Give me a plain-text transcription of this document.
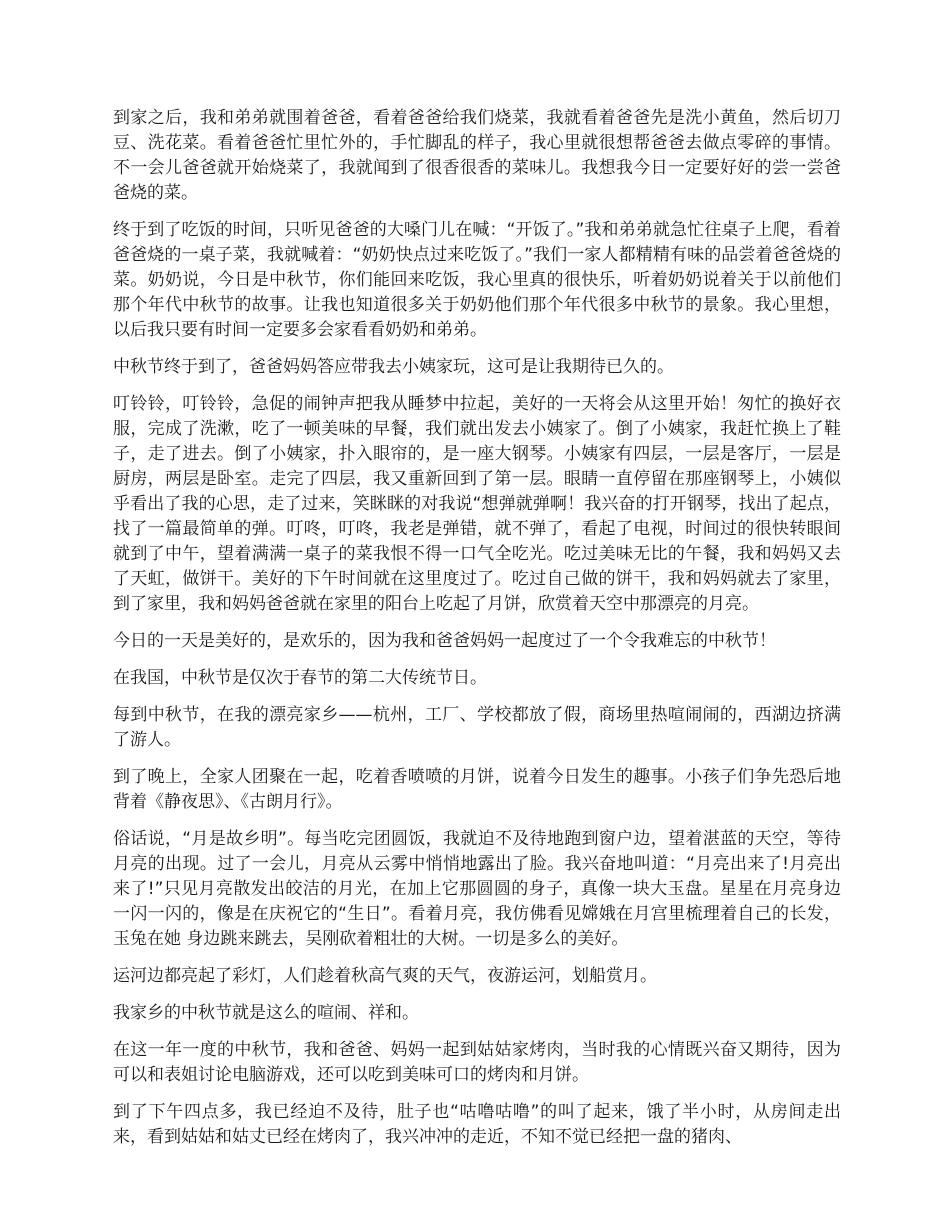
到家之后，我和弟弟就围着爸爸，看着爸爸给我们烧菜，我就看着爸爸先是洗小黄鱼，然后切刀豆、洗花菜。看着爸爸忙里忙外的，手忙脚乱的样子，我心里就很想帮爸爸去做点零碎的事情。不一会儿爸爸就开始烧菜了，我就闻到了很香很香的菜味儿。我想我今日一定要好好的尝一尝爸爸烧的菜。

终于到了吃饭的时间，只听见爸爸的大嗓门儿在喊：“开饭了。”我和弟弟就急忙往桌子上爬，看着爸爸烧的一桌子菜，我就喊着：“奶奶快点过来吃饭了。”我们一家人都精精有味的品尝着爸爸烧的菜。奶奶说，今日是中秋节，你们能回来吃饭，我心里真的很快乐，听着奶奶说着关于以前他们那个年代中秋节的故事。让我也知道很多关于奶奶他们那个年代很多中秋节的景象。我心里想，以后我只要有时间一定要多会家看看奶奶和弟弟。

中秋节终于到了，爸爸妈妈答应带我去小姨家玩，这可是让我期待已久的。

叮铃铃，叮铃铃，急促的闹钟声把我从睡梦中拉起，美好的一天将会从这里开始！匆忙的换好衣服，完成了洗漱，吃了一顿美味的早餐，我们就出发去小姨家了。倒了小姨家，我赶忙换上了鞋子，走了进去。倒了小姨家，扑入眼帘的，是一座大钢琴。小姨家有四层，一层是客厅，一层是厨房，两层是卧室。走完了四层，我又重新回到了第一层。眼睛一直停留在那座钢琴上，小姨似乎看出了我的心思，走了过来，笑眯眯的对我说“想弹就弹啊！我兴奋的打开钢琴，找出了起点，找了一篇最简单的弹。叮咚，叮咚，我老是弹错，就不弹了，看起了电视，时间过的很快转眼间就到了中午，望着满满一桌子的菜我恨不得一口气全吃光。吃过美味无比的午餐，我和妈妈又去了天虹，做饼干。美好的下午时间就在这里度过了。吃过自己做的饼干，我和妈妈就去了家里，到了家里，我和妈妈爸爸就在家里的阳台上吃起了月饼，欣赏着天空中那漂亮的月亮。

今日的一天是美好的，是欢乐的，因为我和爸爸妈妈一起度过了一个令我难忘的中秋节！

在我国，中秋节是仅次于春节的第二大传统节日。

每到中秋节，在我的漂亮家乡——杭州，工厂、学校都放了假，商场里热喧闹闹的，西湖边挤满了游人。

到了晚上，全家人团聚在一起，吃着香喷喷的月饼，说着今日发生的趣事。小孩子们争先恐后地背着《静夜思》、《古朗月行》。

俗话说，“月是故乡明”。每当吃完团圆饭，我就迫不及待地跑到窗户边，望着湛蓝的天空，等待月亮的出现。过了一会儿，月亮从云雾中悄悄地露出了脸。我兴奋地叫道：“月亮出来了!月亮出来了!”只见月亮散发出皎洁的月光，在加上它那圆圆的身子，真像一块大玉盘。星星在月亮身边一闪一闪的，像是在庆祝它的“生日”。看着月亮，我仿佛看见嫦娥在月宫里梳理着自己的长发，玉兔在她 身边跳来跳去，吴刚砍着粗壮的大树。一切是多么的美好。

运河边都亮起了彩灯，人们趁着秋高气爽的天气，夜游运河，划船赏月。

我家乡的中秋节就是这么的喧闹、祥和。

在这一年一度的中秋节，我和爸爸、妈妈一起到姑姑家烤肉，当时我的心情既兴奋又期待，因为可以和表姐讨论电脑游戏，还可以吃到美味可口的烤肉和月饼。

到了下午四点多，我已经迫不及待，肚子也“咕噜咕噜”的叫了起来，饿了半小时，从房间走出来，看到姑姑和姑丈已经在烤肉了，我兴冲冲的走近，不知不觉已经把一盘的猪肉、
